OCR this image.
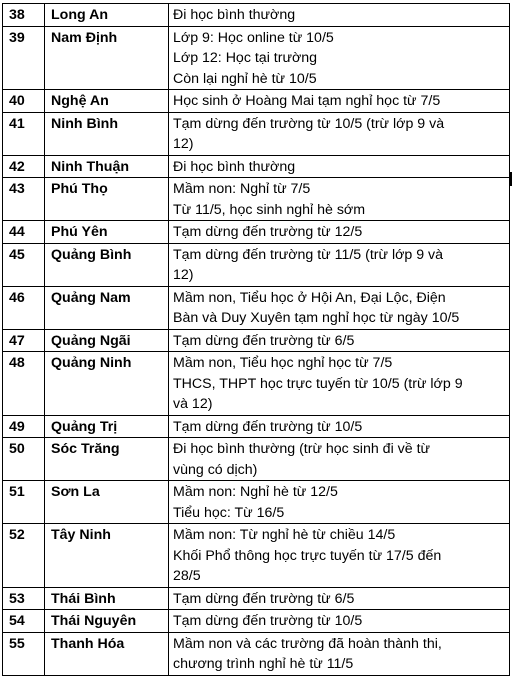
38	Long An	Đi học bình thường

39	Nam Định	Lớp 9: Học online từ 10/5
Lớp 12: Học tại trường
Còn lại nghỉ hè từ 10/5

40	Nghệ An	Học sinh ở Hoàng Mai tạm nghỉ học từ 7/5

41	Ninh Bình	Tạm dừng đến trường từ 10/5 (trừ lớp 9 và
12)

42	Ninh Thuận	Đi học bình thường

43	Phú Thọ	Mầm non: Nghỉ từ 7/5
Từ 11/5, học sinh nghỉ hè sớm

44	Phú Yên	Tạm dừng đến trường từ 12/5

45	Quảng Bình	Tạm dừng đến trường từ 11/5 (trừ lớp 9 và
12)

46	Quảng Nam	Mầm non, Tiểu học ở Hội An, Đại Lộc, Điện
Bàn và Duy Xuyên tạm nghỉ học từ ngày 10/5

47	Quảng Ngãi	Tạm dừng đến trường từ 6/5

48	Quảng Ninh	Mầm non, Tiểu học nghỉ học từ 7/5
THCS, THPT học trực tuyến từ 10/5 (trừ lớp 9
và 12)

49	Quảng Trị	Tạm dừng đến trường từ 10/5

50	Sóc Trăng	Đi học bình thường (trừ học sinh đi về từ
vùng có dịch)

51	Sơn La	Mầm non: Nghỉ hè từ 12/5
Tiểu học: Từ 16/5

52	Tây Ninh	Mầm non: Từ nghỉ hè từ chiều 14/5
Khối Phổ thông học trực tuyến từ 17/5 đến
28/5

53	Thái Bình	Tạm dừng đến trường từ 6/5

54	Thái Nguyên	Tạm dừng đến trường từ 10/5

55	Thanh Hóa	Mầm non và các trường đã hoàn thành thi,
chương trình nghỉ hè từ 11/5
